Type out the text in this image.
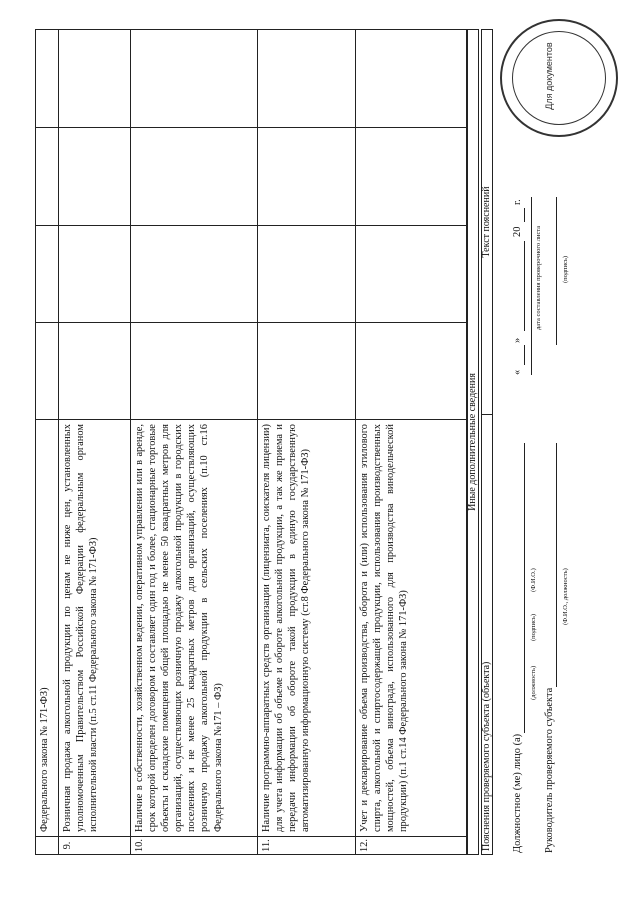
Федерального закона № 171-ФЗ)
9.
Розничная продажа алкогольной продукции по ценам не ниже цен, установленных уполномоченным Правительством Российской Федерации федеральным органом исполнительной власти (п.5 ст.11 Федерального закона № 171-ФЗ)
10.
Наличие в собственности, хозяйственном ведении, оперативном управлении или в аренде, срок которой определен договором и составляет один год и более, стационарные торговые объекты и складские помещения общей площадью не менее 50 квадратных метров для организаций, осуществляющих розничную продажу алкогольной продукции в городских поселениях и не менее 25 квадратных метров для организаций, осуществляющих розничную продажу алкогольной продукции в сельских поселениях (п.10 ст.16 Федерального закона №171 – ФЗ)
11.
Наличие программно-аппаратных средств организации (лицензиата, соискателя лицензии) для учета информации об объеме и обороте алкогольной продукции, а так же приема и передачи информации об обороте такой продукции в единую государственную автоматизированную информационную систему (ст.8 Федерального закона № 171-ФЗ)
12.
Учет и декларирование объема производства, оборота и (или) использования этилового спирта, алкогольной и спиртосодержащей продукции, использования производственных мощностей, объема винограда, использованного для производства винодельческой продукции) (п.1 ст.14 Федерального закона № 171-ФЗ)
Иные дополнительные сведения
Пояснения проверяемого субъекта (объекта)
Текст пояснений
Должностное (ме) лицо (а)
(должность)
(подпись)
(Ф.И.О.)
Руководитель проверяемого субъекта
(Ф.И.О., должность)
«
»
20
г.
дата составления проверочного листа	(подпись)
Для документов
